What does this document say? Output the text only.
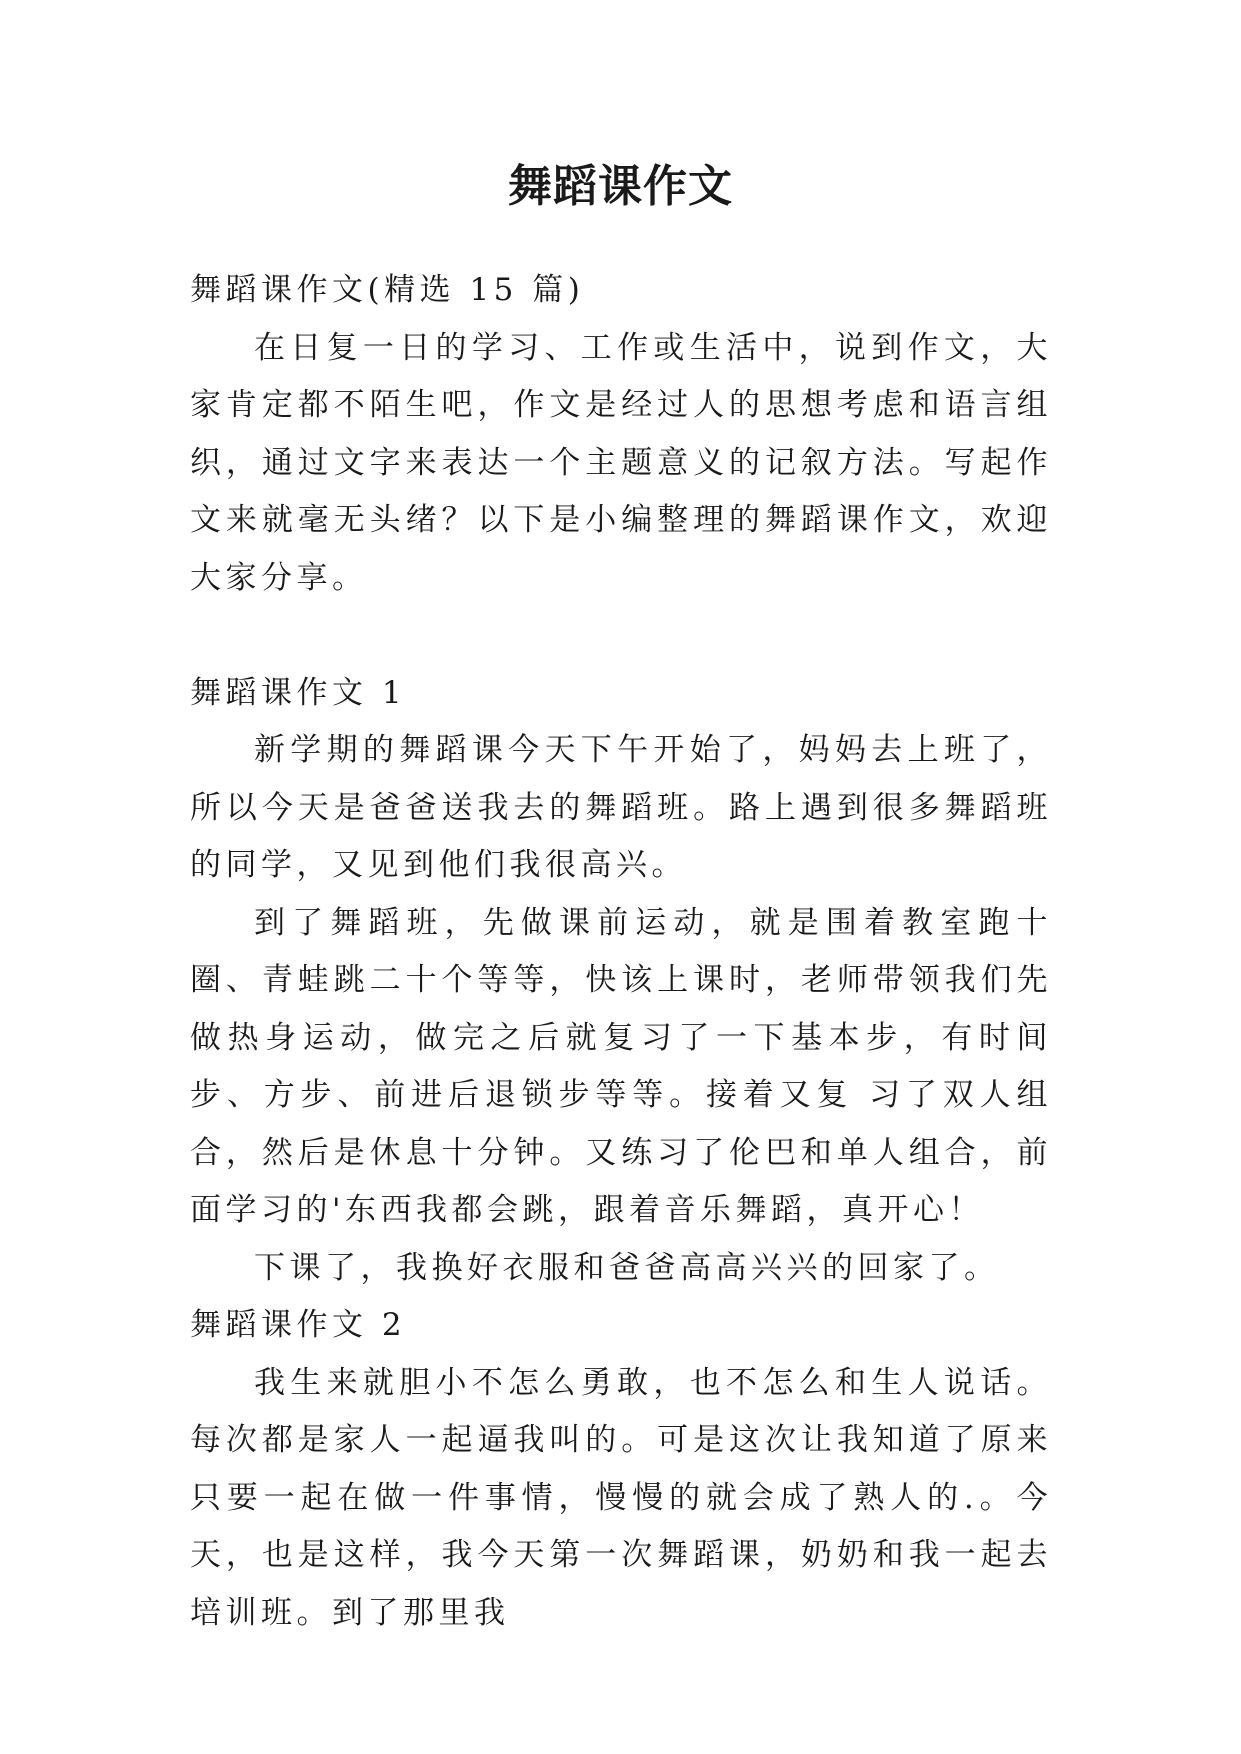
舞蹈课作文

舞蹈课作文(精选 15 篇)

在日复一日的学习、工作或生活中，说到作文，大家肯定都不陌生吧，作文是经过人的思想考虑和语言组织，通过文字来表达一个主题意义的记叙方法。写起作文来就毫无头绪？以下是小编整理的舞蹈课作文，欢迎大家分享。

舞蹈课作文 1

新学期的舞蹈课今天下午开始了，妈妈去上班了，所以今天是爸爸送我去的舞蹈班。路上遇到很多舞蹈班的同学，又见到他们我很高兴。

到了舞蹈班，先做课前运动，就是围着教室跑十圈、青蛙跳二十个等等，快该上课时，老师带领我们先做热身运动，做完之后就复习了一下基本步，有时间步、方步、前进后退锁步等等。接着又复 习了双人组合，然后是休息十分钟。又练习了伦巴和单人组合，前面学习的'东西我都会跳，跟着音乐舞蹈，真开心！

下课了，我换好衣服和爸爸高高兴兴的回家了。

舞蹈课作文 2

我生来就胆小不怎么勇敢，也不怎么和生人说话。每次都是家人一起逼我叫的。可是这次让我知道了原来只要一起在做一件事情，慢慢的就会成了熟人的.。今天，也是这样，我今天第一次舞蹈课，奶奶和我一起去培训班。到了那里我
